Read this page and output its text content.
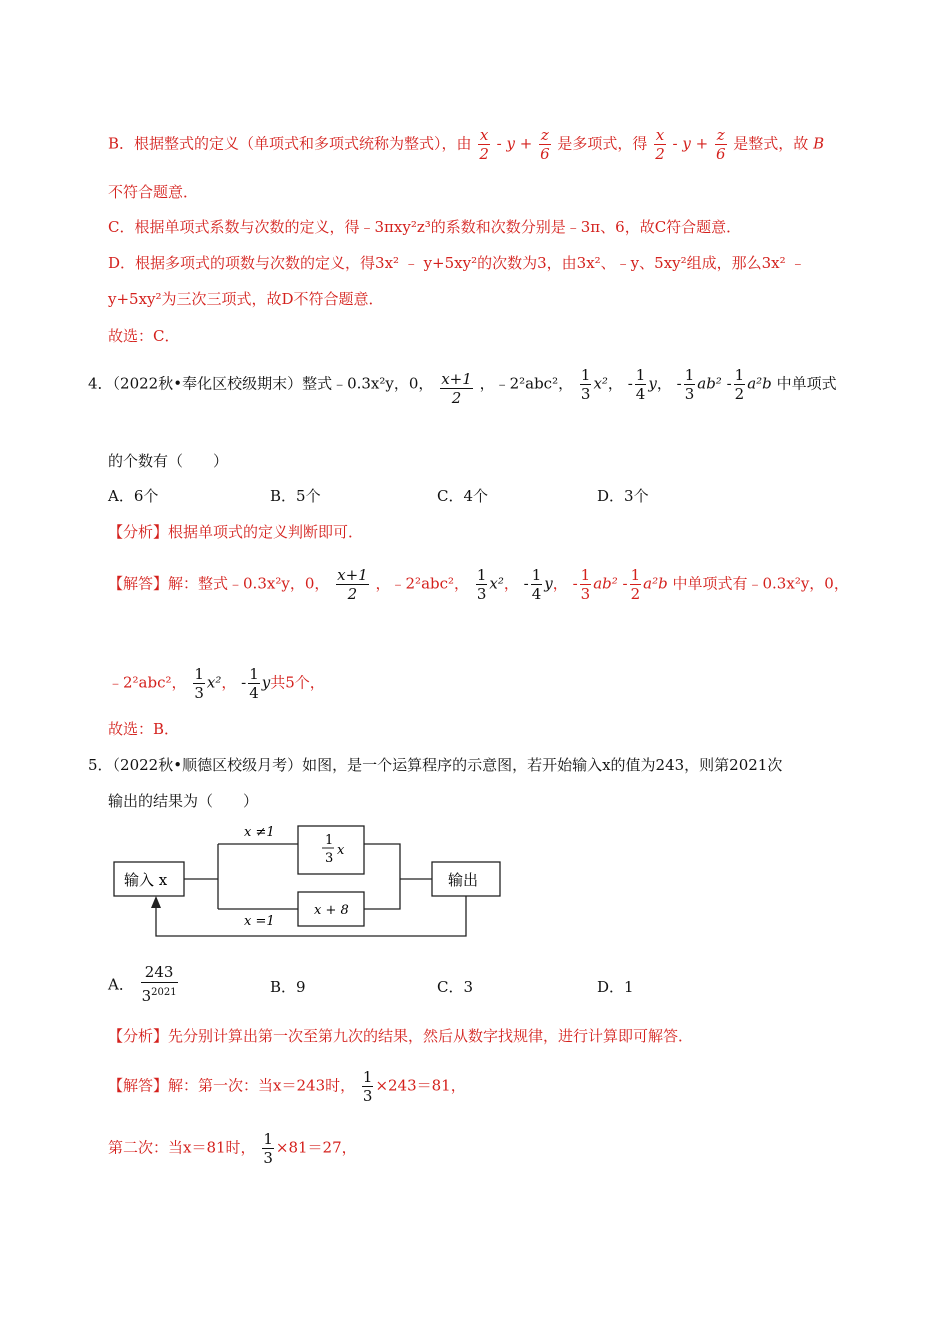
B．根据整式的定义（单项式和多项式统称为整式），由 $\frac{x}{2} - y + \frac{z}{6}$ 是多项式，得 $\frac{x}{2} - y + \frac{z}{6}$ 是整式，故 B
不符合题意．
C．根据单项式系数与次数的定义，得﹣3πxy²z³的系数和次数分别是﹣3π、6，故C符合题意．
D．根据多项式的项数与次数的定义，得3x² ﹣ y+5xy²的次数为3，由3x²、﹣y、5xy²组成，那么3x² ﹣
y+5xy²为三次三项式，故D不符合题意．
故选：C．
4．（2022秋•奉化区校级期末）整式﹣0.3x²y，0， $\frac{x+1}{2}$ ，﹣2²abc²， $\frac{1}{3} x^2$， - $\frac{1}{4}$ y， - $\frac{1}{3} ab^2 - \frac{1}{2} a^2b$ 中单项式
的个数有（　　）
A．6个	B．5个	C．4个	D．3个
【分析】根据单项式的定义判断即可．
【解答】解：整式﹣0.3x²y，0， $\frac{x+1}{2}$ ，﹣2²abc²， $\frac{1}{3} x^2$， - $\frac{1}{4}$ y， - $\frac{1}{3} ab^2 - \frac{1}{2} a^2b$ 中单项式有﹣0.3x²y，0，
﹣2²abc²， $\frac{1}{3} x^2$， - $\frac{1}{4}$ y共5个，
故选：B．
5．（2022秋•顺德区校级月考）如图，是一个运算程序的示意图，若开始输入x的值为243，则第2021次
输出的结果为（　　）
输入 x	输出
x ≠1
x =1
1
3
x
x + 8
A． $\frac{243}{3^{2021}}$	B．9	C．3	D．1
【分析】先分别计算出第一次至第九次的结果，然后从数字找规律，进行计算即可解答．
【解答】解：第一次：当x＝243时， $\frac{1}{3} \times 243=81$，
第二次：当x＝81时， $\frac{1}{3} \times 81=27$，
